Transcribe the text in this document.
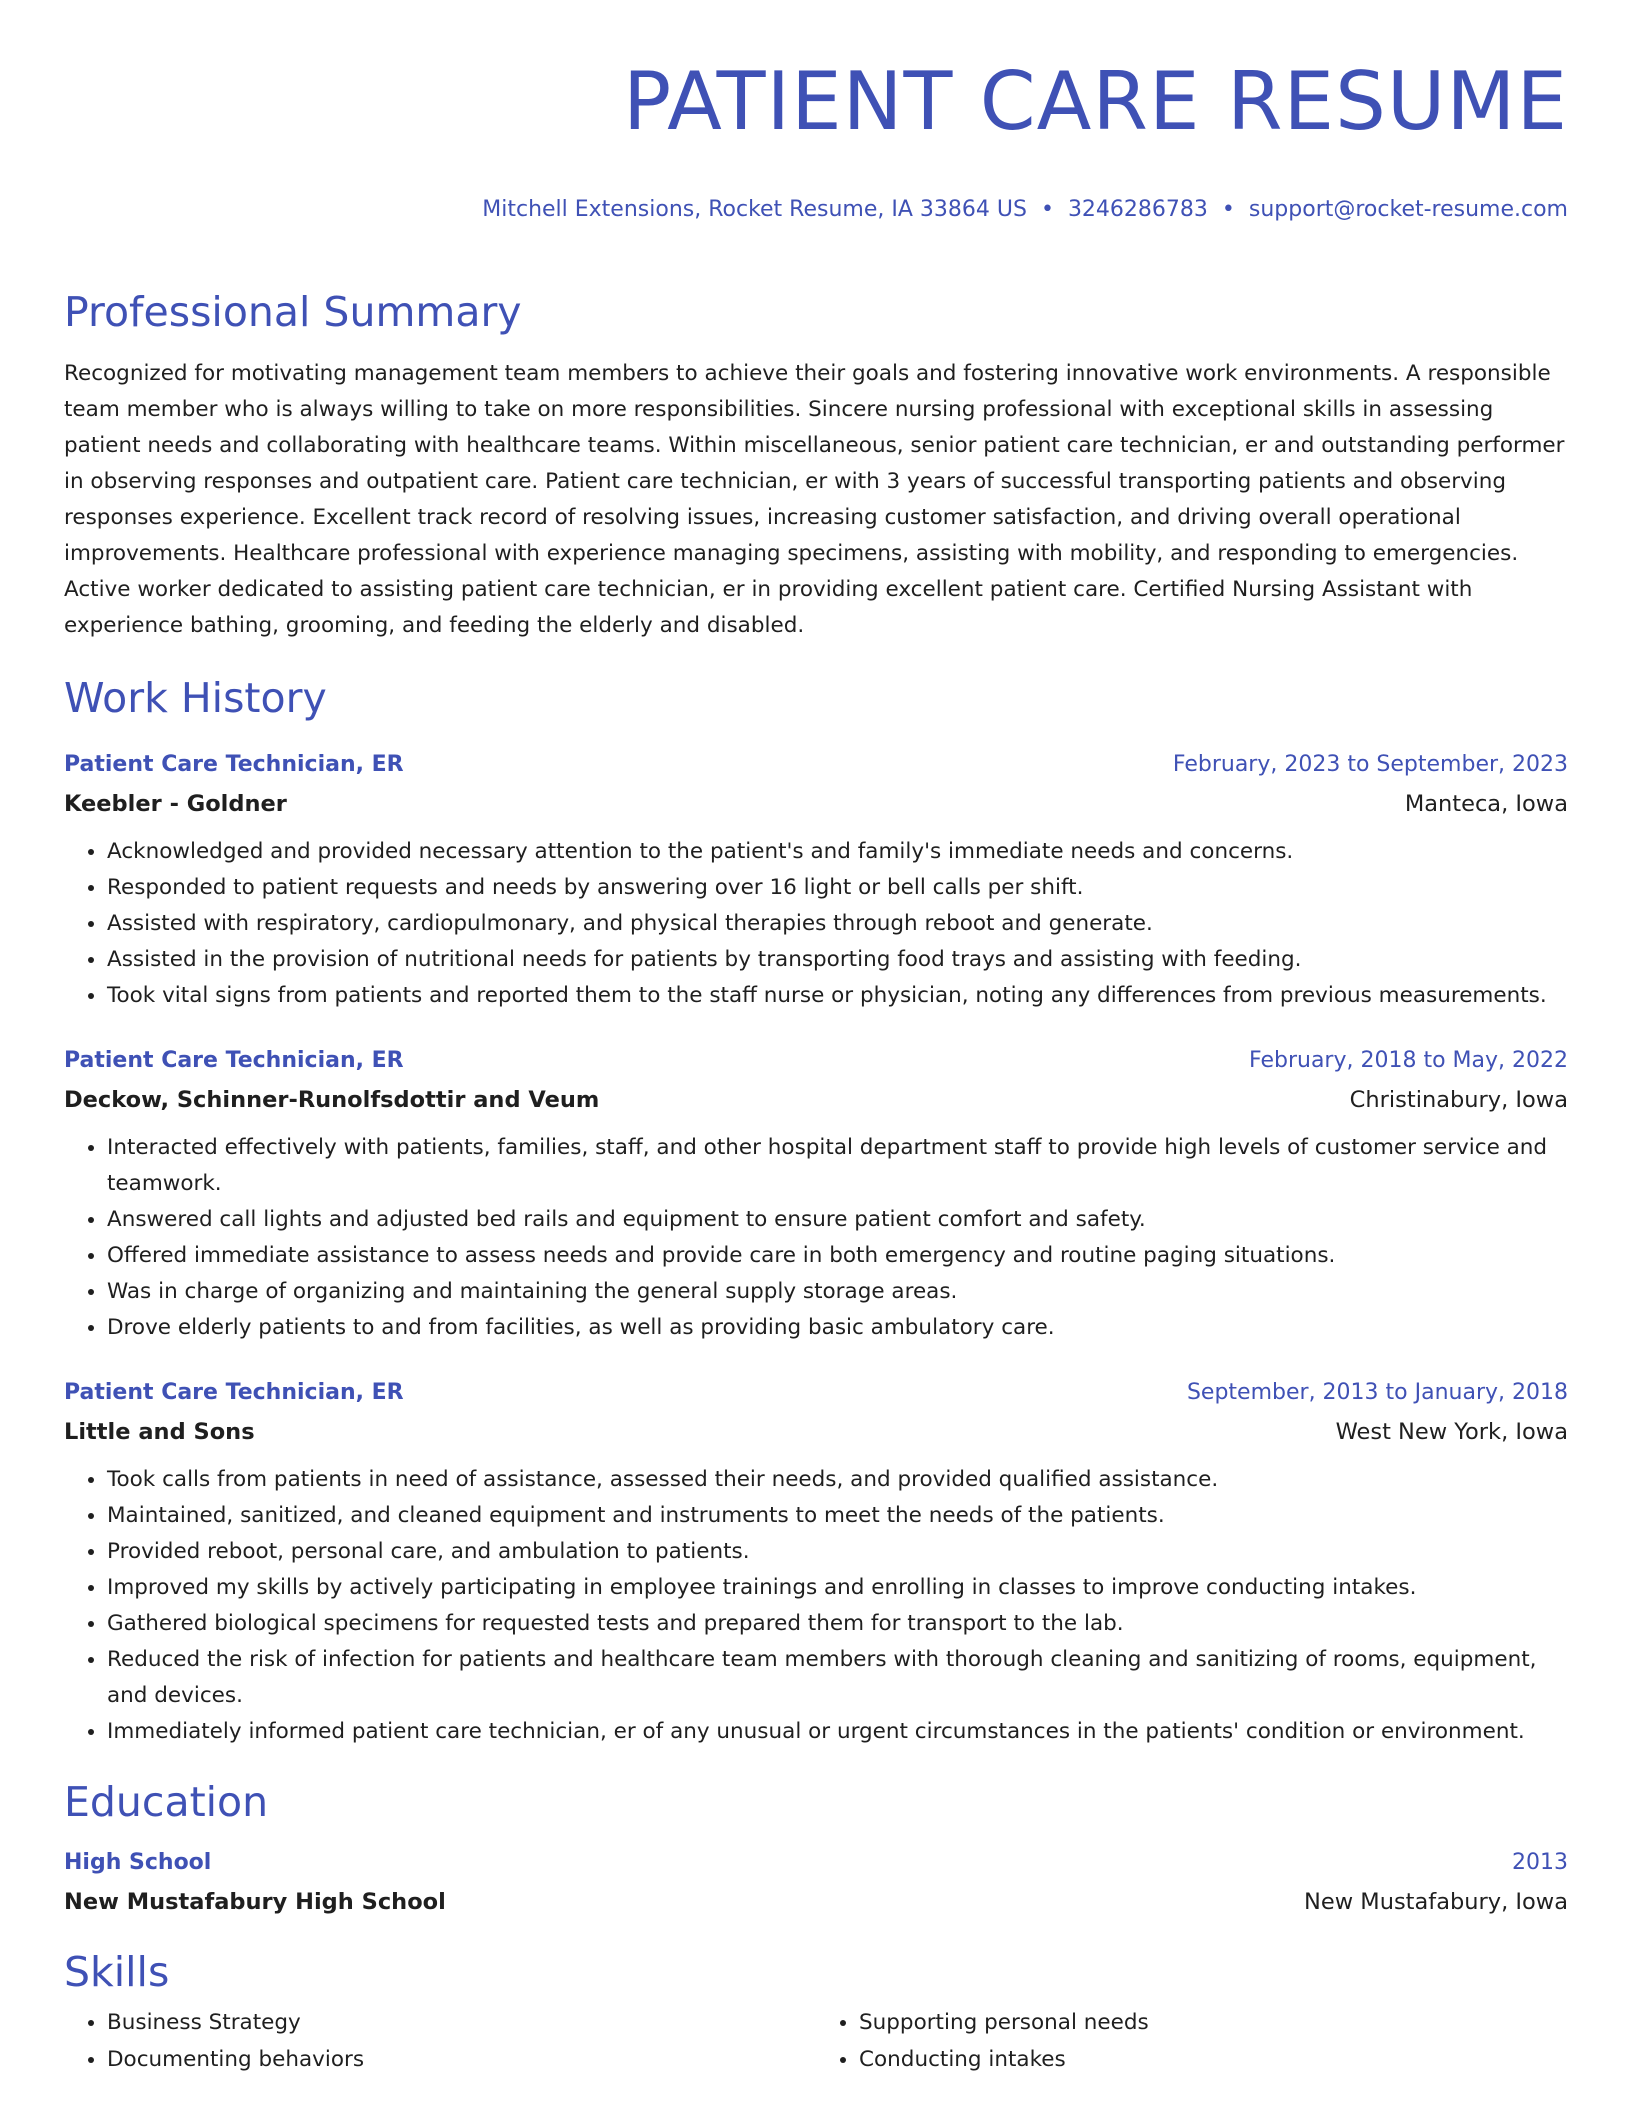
PATIENT CARE RESUME
Mitchell Extensions, Rocket Resume, IA 33864 US • 3246286783 • support@rocket-resume.com
Professional Summary

Recognized for motivating management team members to achieve their goals and fostering innovative work environments. A responsible team member who is always willing to take on more responsibilities. Sincere nursing professional with exceptional skills in assessing patient needs and collaborating with healthcare teams. Within miscellaneous, senior patient care technician, er and outstanding performer in observing responses and outpatient care. Patient care technician, er with 3 years of successful transporting patients and observing responses experience. Excellent track record of resolving issues, increasing customer satisfaction, and driving overall operational improvements. Healthcare professional with experience managing specimens, assisting with mobility, and responding to emergencies. Active worker dedicated to assisting patient care technician, er in providing excellent patient care. Certified Nursing Assistant with experience bathing, grooming, and feeding the elderly and disabled.

Work History
Patient Care Technician, ER	February, 2023 to September, 2023
Keebler - Goldner	Manteca, Iowa
• Acknowledged and provided necessary attention to the patient's and family's immediate needs and concerns.
• Responded to patient requests and needs by answering over 16 light or bell calls per shift.
• Assisted with respiratory, cardiopulmonary, and physical therapies through reboot and generate.
• Assisted in the provision of nutritional needs for patients by transporting food trays and assisting with feeding.
• Took vital signs from patients and reported them to the staff nurse or physician, noting any differences from previous measurements.
Patient Care Technician, ER	February, 2018 to May, 2022
Deckow, Schinner-Runolfsdottir and Veum	Christinabury, Iowa
• Interacted effectively with patients, families, staff, and other hospital department staff to provide high levels of customer service and teamwork.
• Answered call lights and adjusted bed rails and equipment to ensure patient comfort and safety.
• Offered immediate assistance to assess needs and provide care in both emergency and routine paging situations.
• Was in charge of organizing and maintaining the general supply storage areas.
• Drove elderly patients to and from facilities, as well as providing basic ambulatory care.
Patient Care Technician, ER	September, 2013 to January, 2018
Little and Sons	West New York, Iowa
• Took calls from patients in need of assistance, assessed their needs, and provided qualified assistance.
• Maintained, sanitized, and cleaned equipment and instruments to meet the needs of the patients.
• Provided reboot, personal care, and ambulation to patients.
• Improved my skills by actively participating in employee trainings and enrolling in classes to improve conducting intakes.
• Gathered biological specimens for requested tests and prepared them for transport to the lab.
• Reduced the risk of infection for patients and healthcare team members with thorough cleaning and sanitizing of rooms, equipment, and devices.
• Immediately informed patient care technician, er of any unusual or urgent circumstances in the patients' condition or environment.
Education
High School	2013
New Mustafabury High School	New Mustafabury, Iowa
Skills
• Business Strategy
• Documenting behaviors
• Supporting personal needs
• Conducting intakes
